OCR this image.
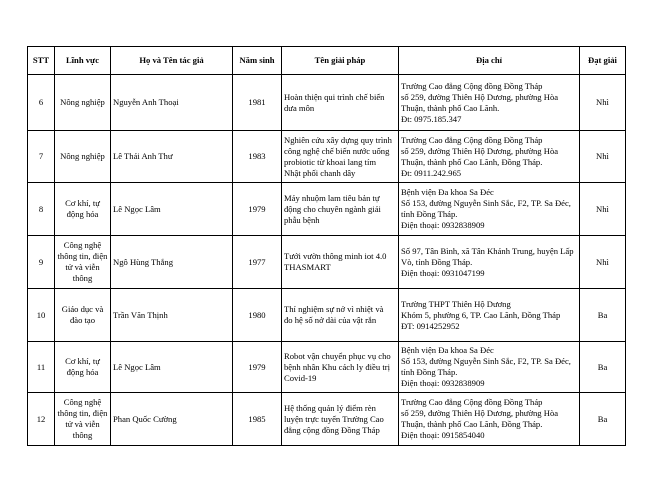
STT	Lĩnh vực	Họ và Tên tác giả	Năm sinh	Tên giải pháp	Địa chỉ	Đạt giải
6	Nông nghiệp	Nguyễn Anh Thoại	1981	Hoàn thiện qui trình chế biến
dưa môn	Trường Cao đẳng Cộng đồng Đồng Tháp
số 259, đường Thiên Hộ Dương, phường Hòa
Thuận, thành phố Cao Lãnh.
Đt: 0975.185.347	Nhì
7	Nông nghiệp	Lê Thái Anh Thư	1983	Nghiên cứu xây dựng quy trình
công nghệ chế biến nước uống
probiotic từ khoai lang tím
Nhật phối chanh dây	Trường Cao đẳng Cộng đồng Đồng Tháp
số 259, đường Thiên Hộ Dương, phường Hòa
Thuận, thành phố Cao Lãnh, Đồng Tháp.
Đt: 0911.242.965	Nhì
8	Cơ khí, tự
động hóa	Lê Ngọc Lâm	1979	Máy nhuộm lam tiêu bản tự
động cho chuyên ngành giải
phẫu bệnh	Bệnh viện Đa khoa Sa Đéc
Số 153, đường Nguyễn Sinh Sắc, F2, TP. Sa Đéc,
tỉnh Đồng Tháp.
Điện thoại: 0932838909	Nhì
9	Công nghệ
thông tin, điện
tử và viễn
thông	Ngô Hùng Thắng	1977	Tưới vườn thông minh iot 4.0
THASMART	Số 97, Tân Bình, xã Tân Khánh Trung, huyện Lấp
Vò, tỉnh Đồng Tháp.
Điện thoại: 0931047199	Nhì
10	Giáo dục và
đào tạo	Trần Văn Thịnh	1980	Thí nghiệm sự nở vì nhiệt và
đo hệ số nở dài của vật rắn	Trường THPT Thiên Hộ Dương
Khóm 5, phường 6, TP. Cao Lãnh, Đồng Tháp
ĐT: 0914252952	Ba
11	Cơ khí, tự
động hóa	Lê Ngọc Lâm	1979	Robot vận chuyển phục vụ cho
bệnh nhân Khu cách ly điều trị
Covid-19	Bệnh viện Đa khoa Sa Đéc
Số 153, đường Nguyễn Sinh Sắc, F2, TP. Sa Đéc,
tỉnh Đồng Tháp.
Điện thoại: 0932838909	Ba
12	Công nghệ
thông tin, điện
tử và viễn
thông	Phan Quốc Cường	1985	Hệ thống quản lý điểm rèn
luyện trực tuyến Trường Cao
đẳng cộng đồng Đồng Tháp	Trường Cao đẳng Cộng đồng Đồng Tháp
số 259, đường Thiên Hộ Dương, phường Hòa
Thuận, thành phố Cao Lãnh, Đồng Tháp.
Điện thoại: 0915854040	Ba
